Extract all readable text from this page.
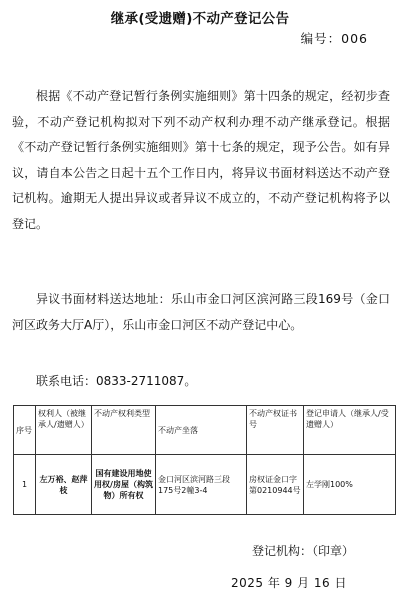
继承(受遗赠)不动产登记公告
编号：006

根据《不动产登记暂行条例实施细则》第十四条的规定，经初步查验，不动产登记机构拟对下列不动产权利办理不动产继承登记。根据《不动产登记暂行条例实施细则》第十七条的规定，现予公告。如有异议，请自本公告之日起十五个工作日内，将异议书面材料送达不动产登记机构。逾期无人提出异议或者异议不成立的，不动产登记机构将予以登记。

异议书面材料送达地址：乐山市金口河区滨河路三段169号（金口河区政务大厅A厅），乐山市金口河区不动产登记中心。

联系电话：0833-2711087。
序号	权利人（被继承人/遗赠人）	不动产权利类型	不动产坐落	不动产权证书号	登记申请人（继承人/受遗赠人）
1	左万裕、赵萍枝	国有建设用地使用权/房屋（构筑物）所有权	金口河区滨河路三段175号2幢3-4	房权证金口字第0210944号	左学刚100%
登记机构：（印章）
2025 年 9 月 16 日
